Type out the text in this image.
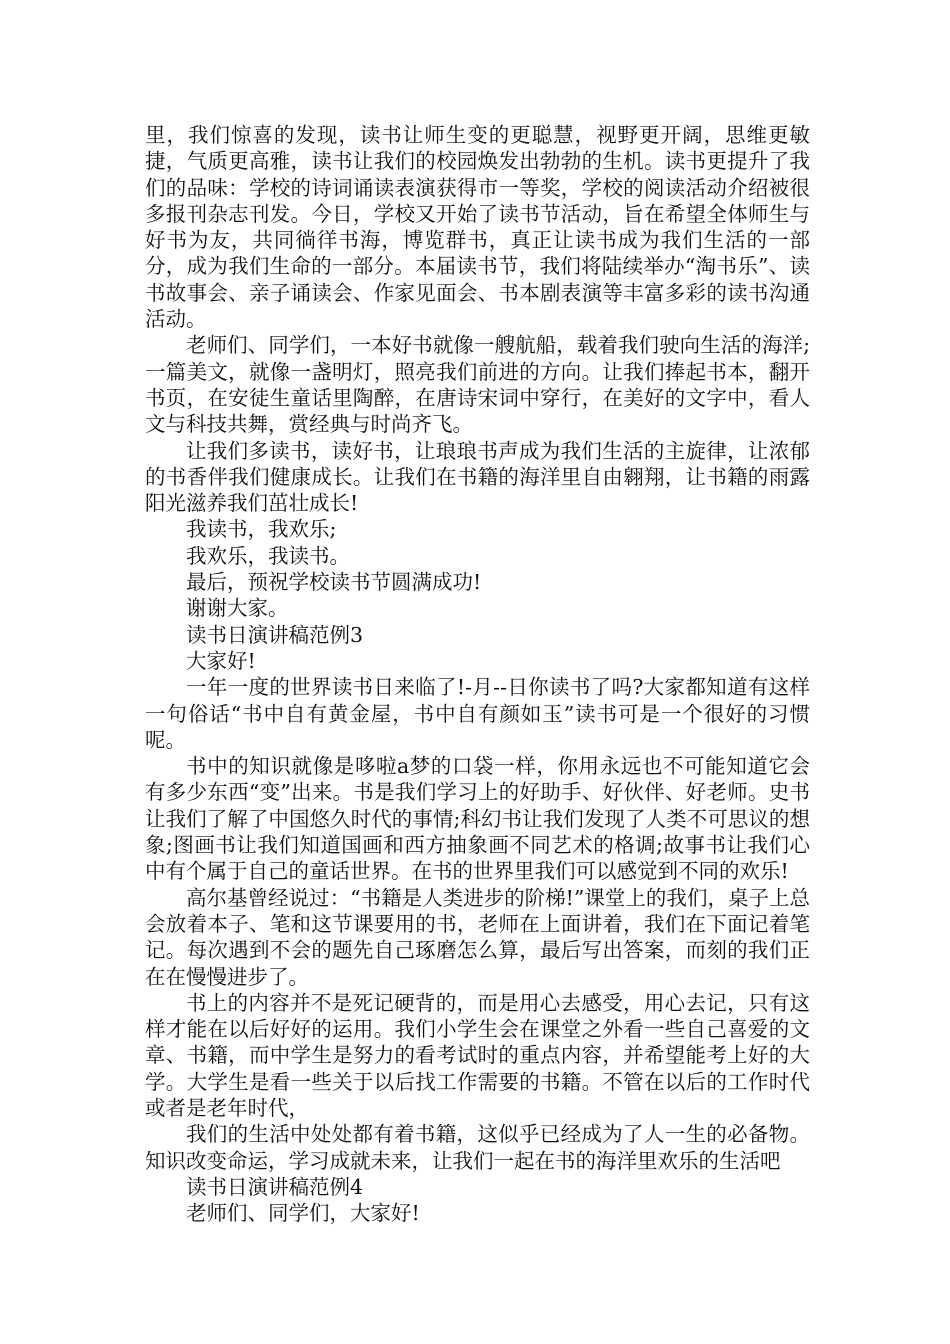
里，我们惊喜的发现，读书让师生变的更聪慧，视野更开阔，思维更敏捷，气质更高雅，读书让我们的校园焕发出勃勃的生机。读书更提升了我们的品味：学校的诗词诵读表演获得市一等奖，学校的阅读活动介绍被很多报刊杂志刊发。今日，学校又开始了读书节活动，旨在希望全体师生与好书为友，共同徜徉书海，博览群书，真正让读书成为我们生活的一部分，成为我们生命的一部分。本届读书节，我们将陆续举办“淘书乐”、读书故事会、亲子诵读会、作家见面会、书本剧表演等丰富多彩的读书沟通活动。

老师们、同学们，一本好书就像一艘航船，载着我们驶向生活的海洋;一篇美文，就像一盏明灯，照亮我们前进的方向。让我们捧起书本，翻开书页，在安徒生童话里陶醉，在唐诗宋词中穿行，在美好的文字中，看人文与科技共舞，赏经典与时尚齐飞。

让我们多读书，读好书，让琅琅书声成为我们生活的主旋律，让浓郁的书香伴我们健康成长。让我们在书籍的海洋里自由翱翔，让书籍的雨露阳光滋养我们茁壮成长!

我读书，我欢乐;

我欢乐，我读书。

最后，预祝学校读书节圆满成功!

谢谢大家。

读书日演讲稿范例3

大家好!

一年一度的世界读书日来临了!-月--日你读书了吗?大家都知道有这样一句俗话“书中自有黄金屋，书中自有颜如玉”读书可是一个很好的习惯呢。

书中的知识就像是哆啦a梦的口袋一样，你用永远也不可能知道它会有多少东西“变”出来。书是我们学习上的好助手、好伙伴、好老师。史书让我们了解了中国悠久时代的事情;科幻书让我们发现了人类不可思议的想象;图画书让我们知道国画和西方抽象画不同艺术的格调;故事书让我们心中有个属于自己的童话世界。在书的世界里我们可以感觉到不同的欢乐!

高尔基曾经说过：“书籍是人类进步的阶梯!”课堂上的我们，桌子上总会放着本子、笔和这节课要用的书，老师在上面讲着，我们在下面记着笔记。每次遇到不会的题先自己琢磨怎么算，最后写出答案，而刻的我们正在在慢慢进步了。

书上的内容并不是死记硬背的，而是用心去感受，用心去记，只有这样才能在以后好好的运用。我们小学生会在课堂之外看一些自己喜爱的文章、书籍，而中学生是努力的看考试时的重点内容，并希望能考上好的大学。大学生是看一些关于以后找工作需要的书籍。不管在以后的工作时代或者是老年时代，

我们的生活中处处都有着书籍，这似乎已经成为了人一生的必备物。知识改变命运，学习成就未来，让我们一起在书的海洋里欢乐的生活吧

读书日演讲稿范例4

老师们、同学们，大家好!
